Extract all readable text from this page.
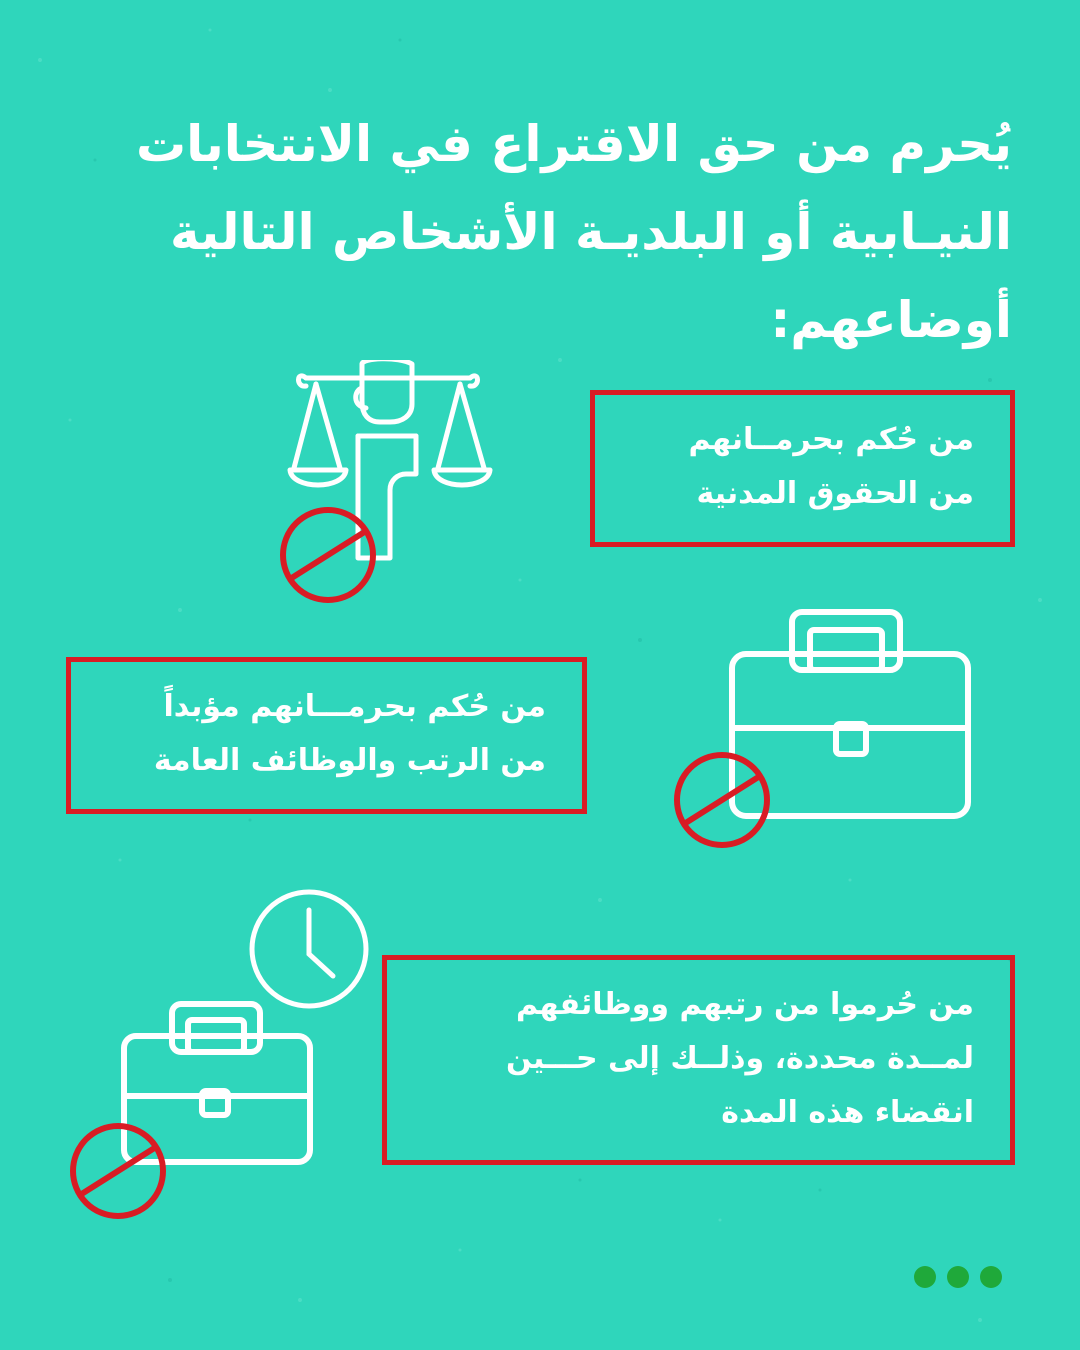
يُحرم من حق الاقتراع في الانتخابات
النيـابية أو البلديـة الأشخاص التالية
أوضاعهم:
من حُكم بحرمــانهم
من الحقوق المدنية
من حُكم بحرمـــانهم مؤبداً
من الرتب والوظائف العامة
من حُرموا من رتبهم ووظائفهم
لمــدة محددة، وذلــك إلى حـــين
انقضاء هذه المدة
